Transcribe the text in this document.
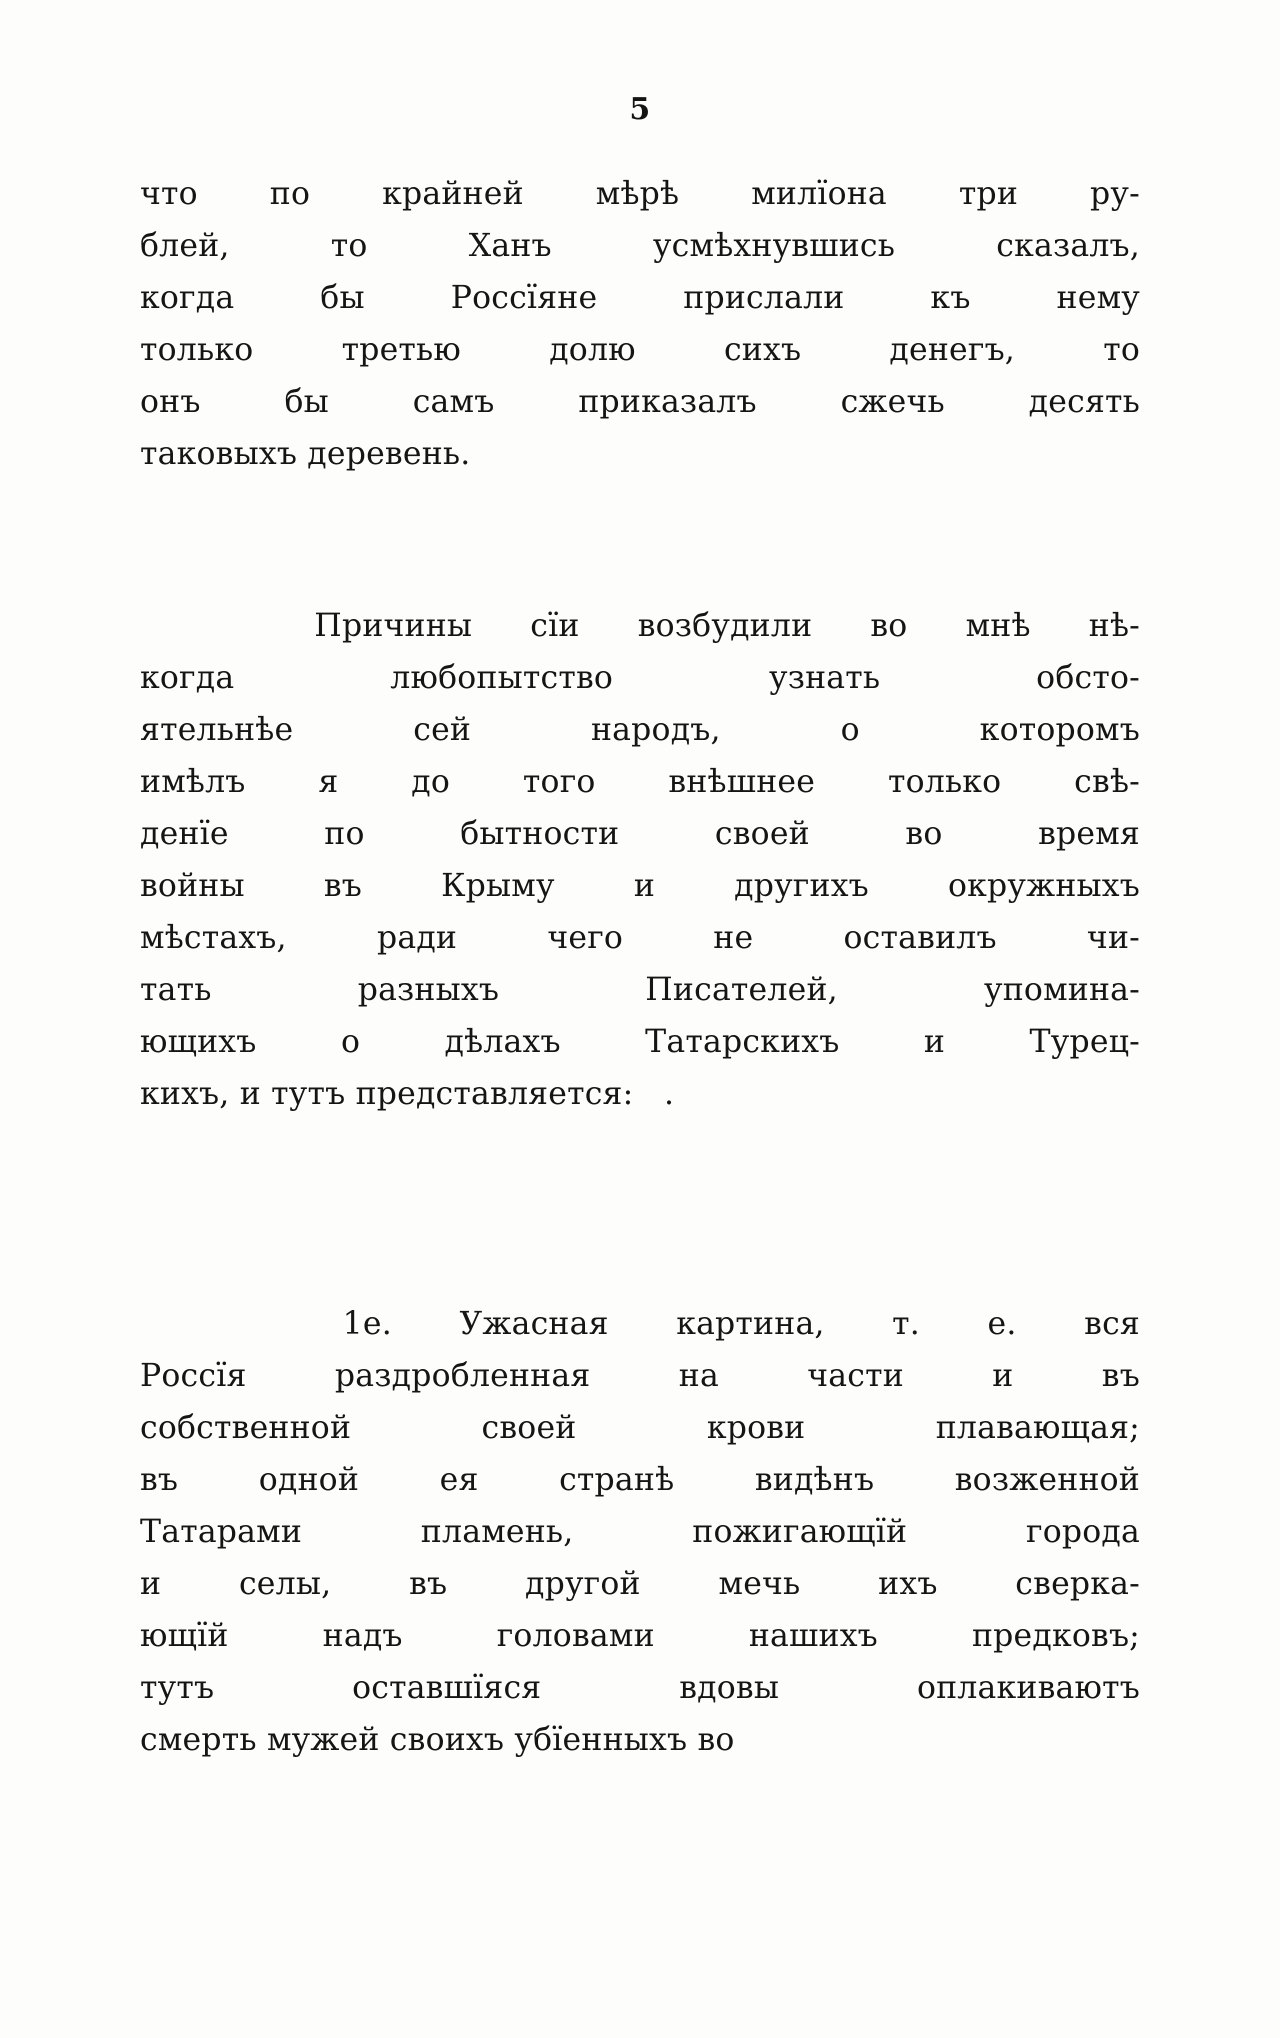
5

что по крайней мѣрѣ милїона три ру-
блей, то Ханъ усмѣхнувшись сказалъ,
когда бы Россїяне прислали къ нему
только третью долю сихъ денегъ, то
онъ бы самъ приказалъ сжечь десять
таковыхъ деревень.

Причины сїи возбудили во мнѣ нѣ-
когда любопытство узнать обсто-
ятельнѣе сей народъ, о которомъ
имѣлъ я до того внѣшнее только свѣ-
денїе по бытности своей во время
войны въ Крыму и другихъ окружныхъ
мѣстахъ, ради чего не оставилъ чи-
тать разныхъ Писателей, упомина-
ющихъ о дѣлахъ Татарскихъ и Турец-
кихъ, и тутъ представляется:   .

1е. Ужасная картина, т. е. вся
Россїя раздробленная на части и въ
собственной своей крови плавающая;
въ одной ея странѣ видѣнъ возженной
Татарами пламень, пожигающїй города
и селы, въ другой мечь ихъ сверка-
ющїй надъ головами нашихъ предковъ;
тутъ оставшїяся вдовы оплакиваютъ
смерть мужей своихъ убїенныхъ во
